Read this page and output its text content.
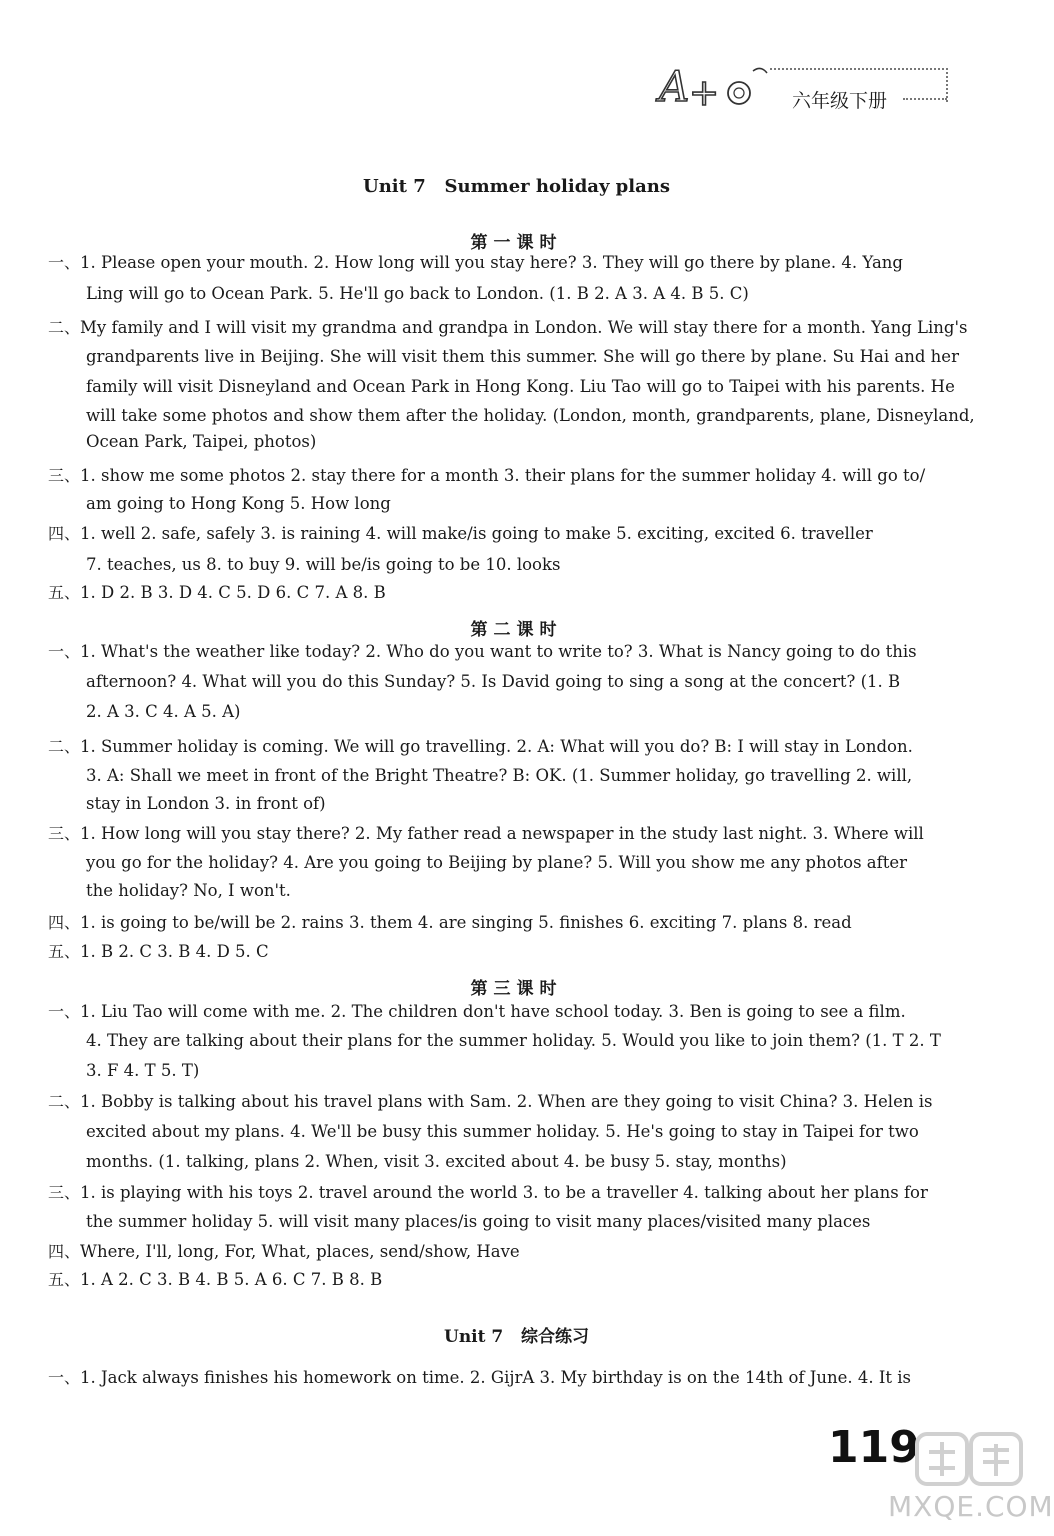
A +	六年级下册
Unit 7   Summer holiday plans
第一课时
一、1. Please open your mouth. 2. How long will you stay here? 3. They will go there by plane. 4. Yang
Ling will go to Ocean Park. 5. He'll go back to London. (1. B 2. A 3. A 4. B 5. C)
二、My family and I will visit my grandma and grandpa in London. We will stay there for a month. Yang Ling's
grandparents live in Beijing. She will visit them this summer. She will go there by plane. Su Hai and her
family will visit Disneyland and Ocean Park in Hong Kong. Liu Tao will go to Taipei with his parents. He
will take some photos and show them after the holiday. (London, month, grandparents, plane, Disneyland,
Ocean Park, Taipei, photos)
三、1. show me some photos 2. stay there for a month 3. their plans for the summer holiday 4. will go to/
am going to Hong Kong 5. How long
四、1. well 2. safe, safely 3. is raining 4. will make/is going to make 5. exciting, excited 6. traveller
7. teaches, us 8. to buy 9. will be/is going to be 10. looks
五、1. D 2. B 3. D 4. C 5. D 6. C 7. A 8. B
第二课时
一、1. What's the weather like today? 2. Who do you want to write to? 3. What is Nancy going to do this
afternoon? 4. What will you do this Sunday? 5. Is David going to sing a song at the concert? (1. B
2. A 3. C 4. A 5. A)
二、1. Summer holiday is coming. We will go travelling. 2. A: What will you do? B: I will stay in London.
3. A: Shall we meet in front of the Bright Theatre? B: OK. (1. Summer holiday, go travelling 2. will,
stay in London 3. in front of)
三、1. How long will you stay there? 2. My father read a newspaper in the study last night. 3. Where will
you go for the holiday? 4. Are you going to Beijing by plane? 5. Will you show me any photos after
the holiday? No, I won't.
四、1. is going to be/will be 2. rains 3. them 4. are singing 5. finishes 6. exciting 7. plans 8. read
五、1. B 2. C 3. B 4. D 5. C
第三课时
一、1. Liu Tao will come with me. 2. The children don't have school today. 3. Ben is going to see a film.
4. They are talking about their plans for the summer holiday. 5. Would you like to join them? (1. T 2. T
3. F 4. T 5. T)
二、1. Bobby is talking about his travel plans with Sam. 2. When are they going to visit China? 3. Helen is
excited about my plans. 4. We'll be busy this summer holiday. 5. He's going to stay in Taipei for two
months. (1. talking, plans 2. When, visit 3. excited about 4. be busy 5. stay, months)
三、1. is playing with his toys 2. travel around the world 3. to be a traveller 4. talking about her plans for
the summer holiday 5. will visit many places/is going to visit many places/visited many places
四、Where, I'll, long, For, What, places, send/show, Have
五、1. A 2. C 3. B 4. B 5. A 6. C 7. B 8. B
Unit 7   综合练习
一、1. Jack always finishes his homework on time. 2. GijrA 3. My birthday is on the 14th of June. 4. It is
119
MXQE.COM
